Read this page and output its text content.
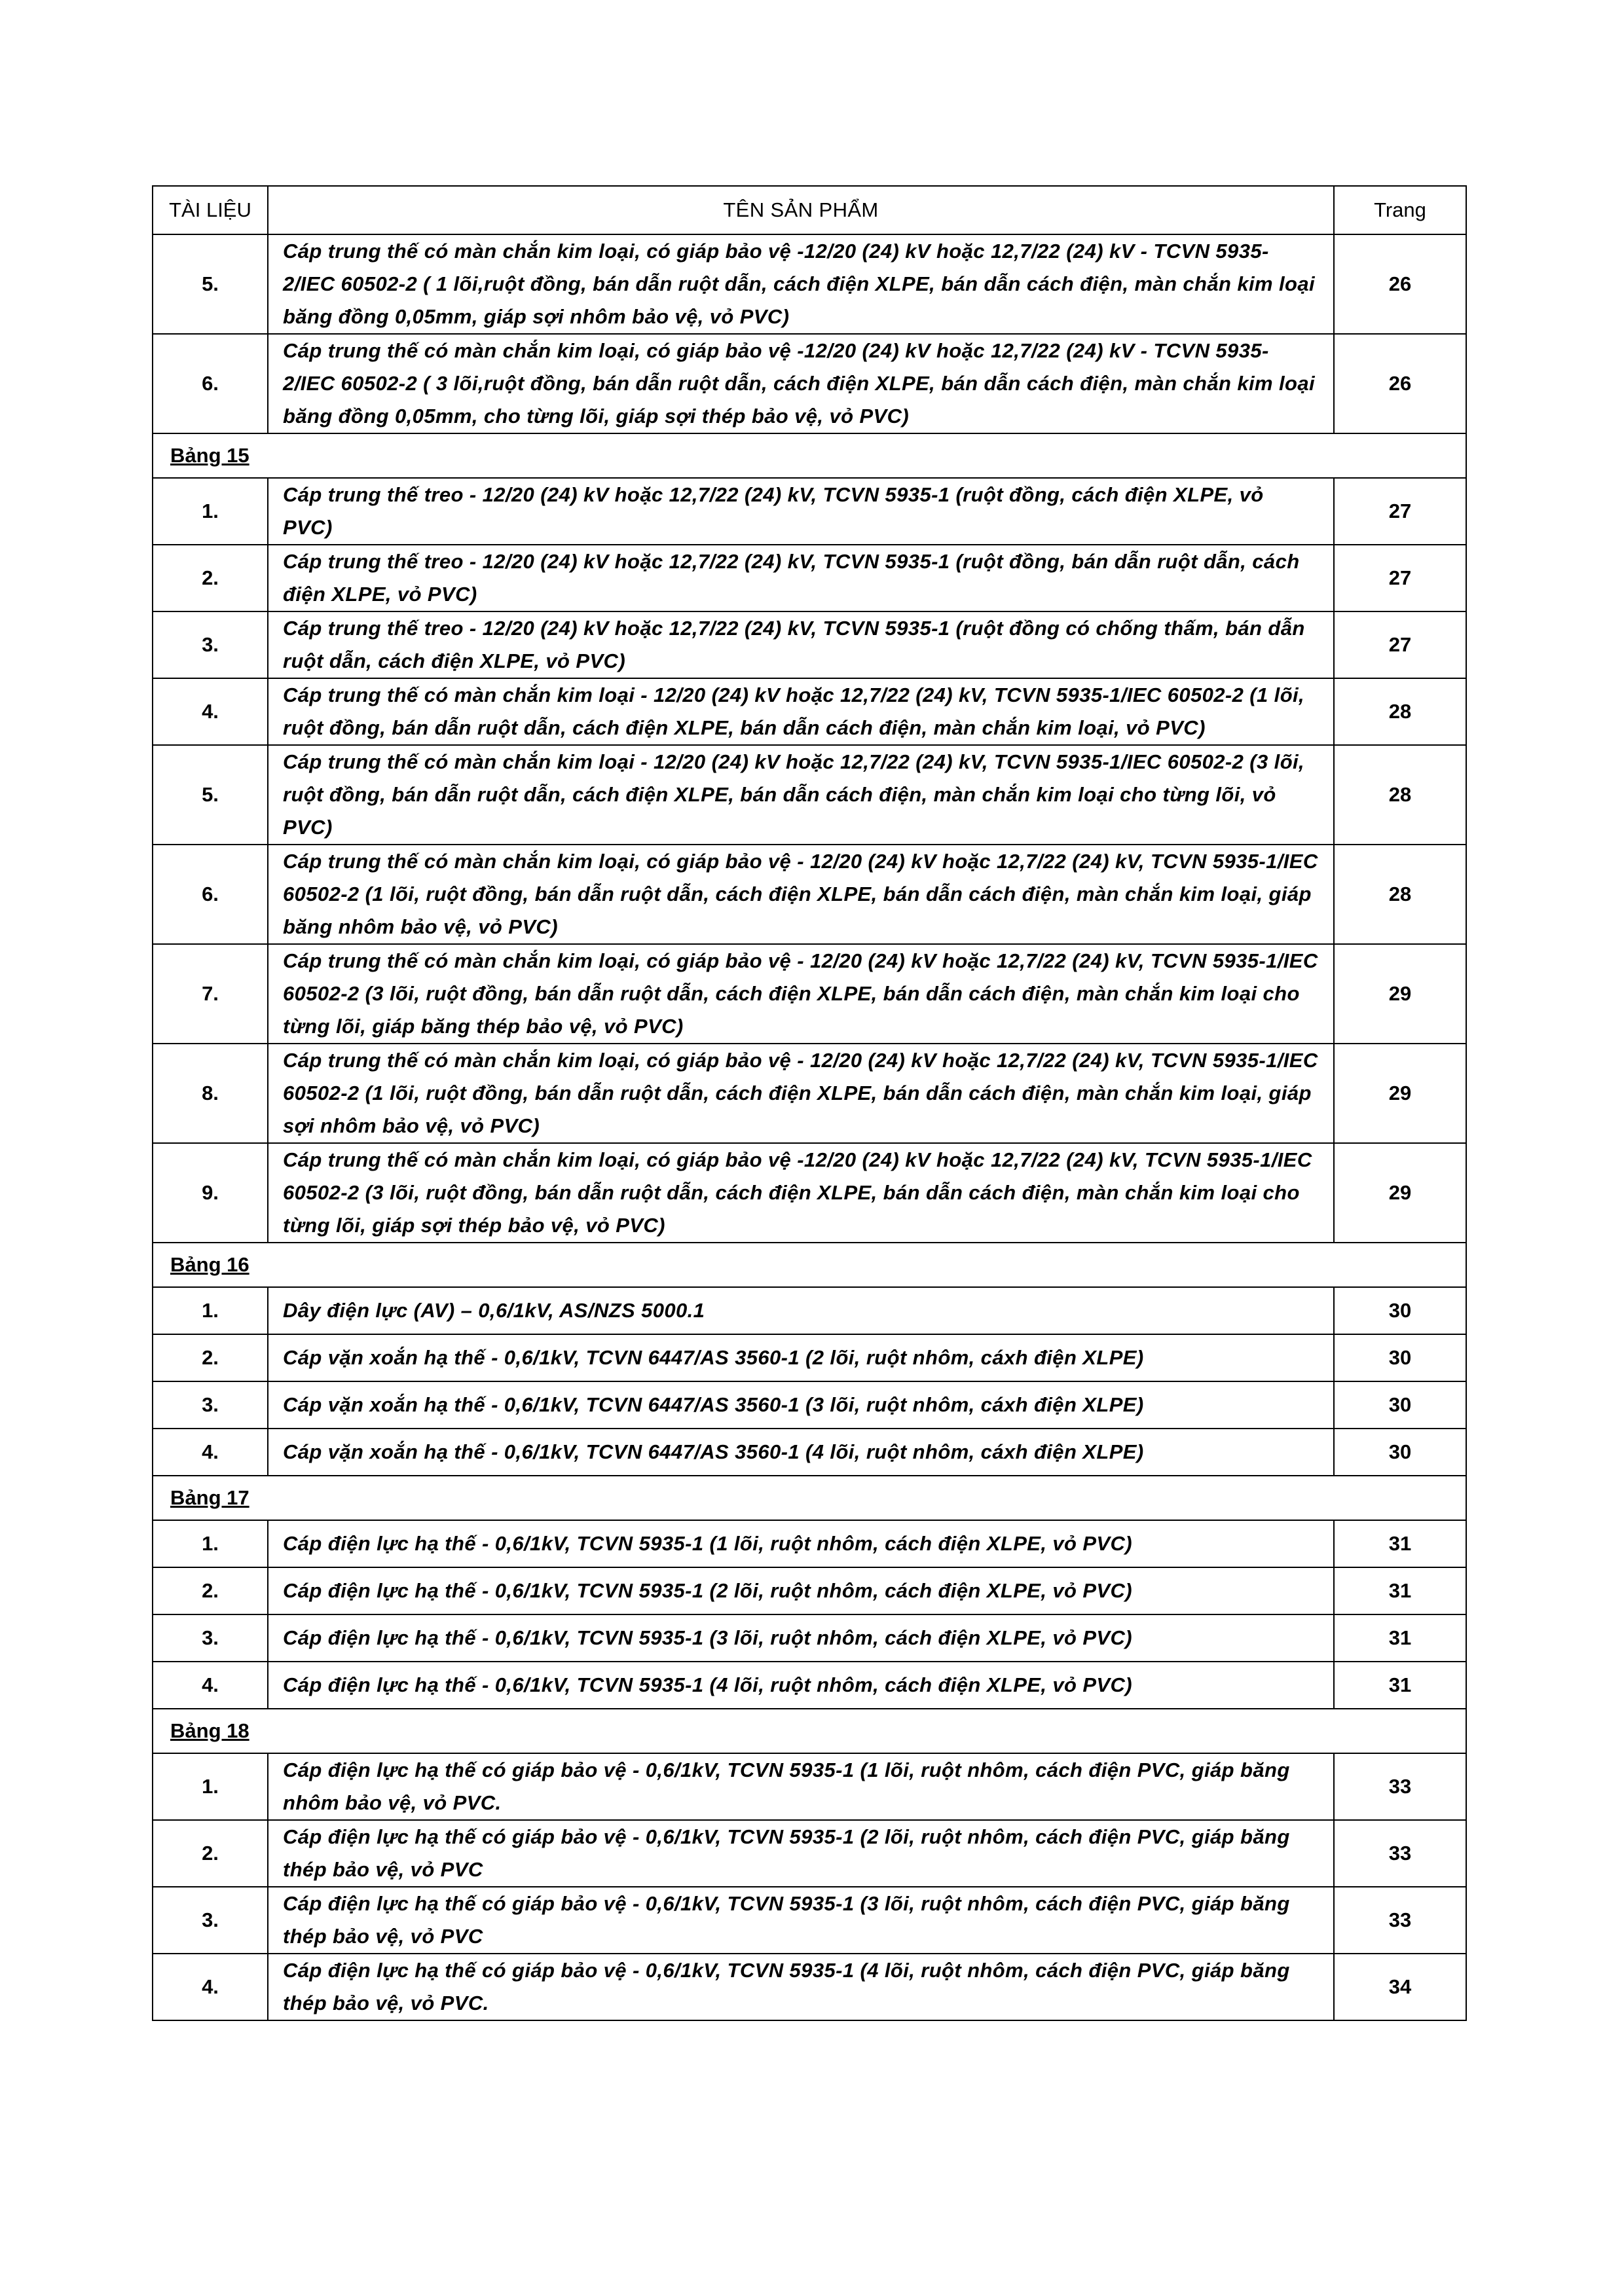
TÀI LIỆU	TÊN SẢN PHẨM	Trang
5.	Cáp trung thế có màn chắn kim loại, có giáp bảo vệ -12/20 (24) kV hoặc 12,7/22 (24) kV - TCVN 5935-2/IEC 60502-2 ( 1 lõi,ruột đồng, bán dẫn ruột dẫn, cách điện XLPE, bán dẫn cách điện, màn chắn kim loại băng đồng 0,05mm, giáp sợi nhôm bảo vệ, vỏ PVC)	26
6.	Cáp trung thế có màn chắn kim loại, có giáp bảo vệ -12/20 (24) kV hoặc 12,7/22 (24) kV - TCVN 5935-2/IEC 60502-2 ( 3 lõi,ruột đồng, bán dẫn ruột dẫn, cách điện XLPE, bán dẫn cách điện, màn chắn kim loại băng đồng 0,05mm, cho từng lõi, giáp sợi thép bảo vệ, vỏ PVC)	26
Bảng 15		
1.	Cáp trung thế treo - 12/20 (24) kV hoặc 12,7/22 (24) kV, TCVN 5935-1 (ruột đồng, cách điện XLPE, vỏ PVC)	27
2.	Cáp trung thế treo - 12/20 (24) kV hoặc 12,7/22 (24) kV, TCVN 5935-1 (ruột đồng, bán dẫn ruột dẫn, cách điện XLPE, vỏ PVC)	27
3.	Cáp trung thế treo - 12/20 (24) kV hoặc 12,7/22 (24) kV, TCVN 5935-1 (ruột đồng có chống thấm, bán dẫn ruột dẫn, cách điện XLPE, vỏ PVC)	27
4.	Cáp trung thế có màn chắn kim loại - 12/20 (24) kV hoặc 12,7/22 (24) kV, TCVN 5935-1/IEC 60502-2 (1 lõi, ruột đồng, bán dẫn ruột dẫn, cách điện XLPE, bán dẫn cách điện, màn chắn kim loại, vỏ PVC)	28
5.	Cáp trung thế có màn chắn kim loại - 12/20 (24) kV hoặc 12,7/22 (24) kV, TCVN 5935-1/IEC 60502-2 (3 lõi, ruột đồng, bán dẫn ruột dẫn, cách điện XLPE, bán dẫn cách điện, màn chắn kim loại cho từng lõi, vỏ PVC)	28
6.	Cáp trung thế có màn chắn kim loại, có giáp bảo vệ - 12/20 (24) kV hoặc 12,7/22 (24) kV, TCVN 5935-1/IEC 60502-2 (1 lõi, ruột đồng, bán dẫn ruột dẫn, cách điện XLPE, bán dẫn cách điện, màn chắn kim loại, giáp băng nhôm bảo vệ, vỏ PVC)	28
7.	Cáp trung thế có màn chắn kim loại, có giáp bảo vệ - 12/20 (24) kV hoặc 12,7/22 (24) kV, TCVN 5935-1/IEC 60502-2 (3 lõi, ruột đồng, bán dẫn ruột dẫn, cách điện XLPE, bán dẫn cách điện, màn chắn kim loại cho từng lõi, giáp băng thép bảo vệ, vỏ PVC)	29
8.	Cáp trung thế có màn chắn kim loại, có giáp bảo vệ - 12/20 (24) kV hoặc 12,7/22 (24) kV, TCVN 5935-1/IEC 60502-2 (1 lõi, ruột đồng, bán dẫn ruột dẫn, cách điện XLPE, bán dẫn cách điện, màn chắn kim loại, giáp sợi nhôm bảo vệ, vỏ PVC)	29
9.	Cáp trung thế có màn chắn kim loại, có giáp bảo vệ -12/20 (24) kV hoặc 12,7/22 (24) kV, TCVN 5935-1/IEC 60502-2 (3 lõi, ruột đồng, bán dẫn ruột dẫn, cách điện XLPE, bán dẫn cách điện, màn chắn kim loại cho từng lõi, giáp sợi thép bảo vệ, vỏ PVC)	29
Bảng 16		
1.	Dây điện lực (AV) – 0,6/1kV, AS/NZS 5000.1	30
2.	Cáp vặn xoắn hạ thế - 0,6/1kV, TCVN 6447/AS 3560-1 (2 lõi, ruột nhôm, cáxh điện XLPE)	30
3.	Cáp vặn xoắn hạ thế - 0,6/1kV, TCVN 6447/AS 3560-1 (3 lõi, ruột nhôm, cáxh điện XLPE)	30
4.	Cáp vặn xoắn hạ thế - 0,6/1kV, TCVN 6447/AS 3560-1 (4 lõi, ruột nhôm, cáxh điện XLPE)	30
Bảng 17		
1.	Cáp điện lực hạ thế - 0,6/1kV, TCVN 5935-1 (1 lõi, ruột nhôm, cách điện XLPE, vỏ PVC)	31
2.	Cáp điện lực hạ thế - 0,6/1kV, TCVN 5935-1 (2 lõi, ruột nhôm, cách điện XLPE, vỏ PVC)	31
3.	Cáp điện lực hạ thế - 0,6/1kV, TCVN 5935-1 (3 lõi, ruột nhôm, cách điện XLPE, vỏ PVC)	31
4.	Cáp điện lực hạ thế - 0,6/1kV, TCVN 5935-1 (4 lõi, ruột nhôm, cách điện XLPE, vỏ PVC)	31
Bảng 18		
1.	Cáp điện lực hạ thế có giáp bảo vệ - 0,6/1kV, TCVN 5935-1 (1 lõi, ruột nhôm, cách điện PVC, giáp băng nhôm bảo vệ, vỏ PVC.	33
2.	Cáp điện lực hạ thế có giáp bảo vệ - 0,6/1kV, TCVN 5935-1 (2 lõi, ruột nhôm, cách điện PVC, giáp băng thép bảo vệ, vỏ PVC	33
3.	Cáp điện lực hạ thế có giáp bảo vệ - 0,6/1kV, TCVN 5935-1 (3 lõi, ruột nhôm, cách điện PVC, giáp băng thép bảo vệ, vỏ PVC	33
4.	Cáp điện lực hạ thế có giáp bảo vệ - 0,6/1kV, TCVN 5935-1 (4 lõi, ruột nhôm, cách điện PVC, giáp băng thép bảo vệ, vỏ PVC.	34
